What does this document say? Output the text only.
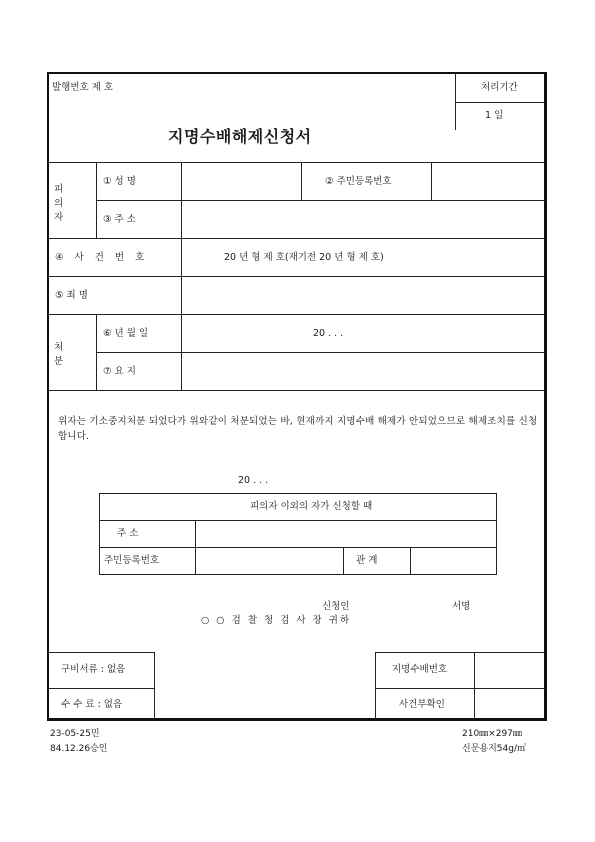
발행번호 제 호	처리기간
1 일
지명수배해제신청서
피의자
① 성 명	② 주민등록번호
③ 주 소
④ 사 건 번 호	20 년 형 제 호(재기전 20 년 형 제 호)
⑤ 죄 명
처분
⑥ 년 월 일	20 . . .
⑦ 요 지
위자는 기소중지처분 되었다가 위와같이 처분되었는 바, 현재까지 지명수배 해제가 안되었으므로 해제조치를 신청합니다.
20 . . .
피의자 이외의 자가 신청할 때
주 소
주민등록번호	관 계
신청인	서명
○ ○ 검 찰 청 검 사 장 귀하
구비서류 : 없음
수 수 료 : 없음
지명수배번호
사건부확인
23-05-25민
84.12.26승인
210㎜×297㎜
신문용지54g/㎡
